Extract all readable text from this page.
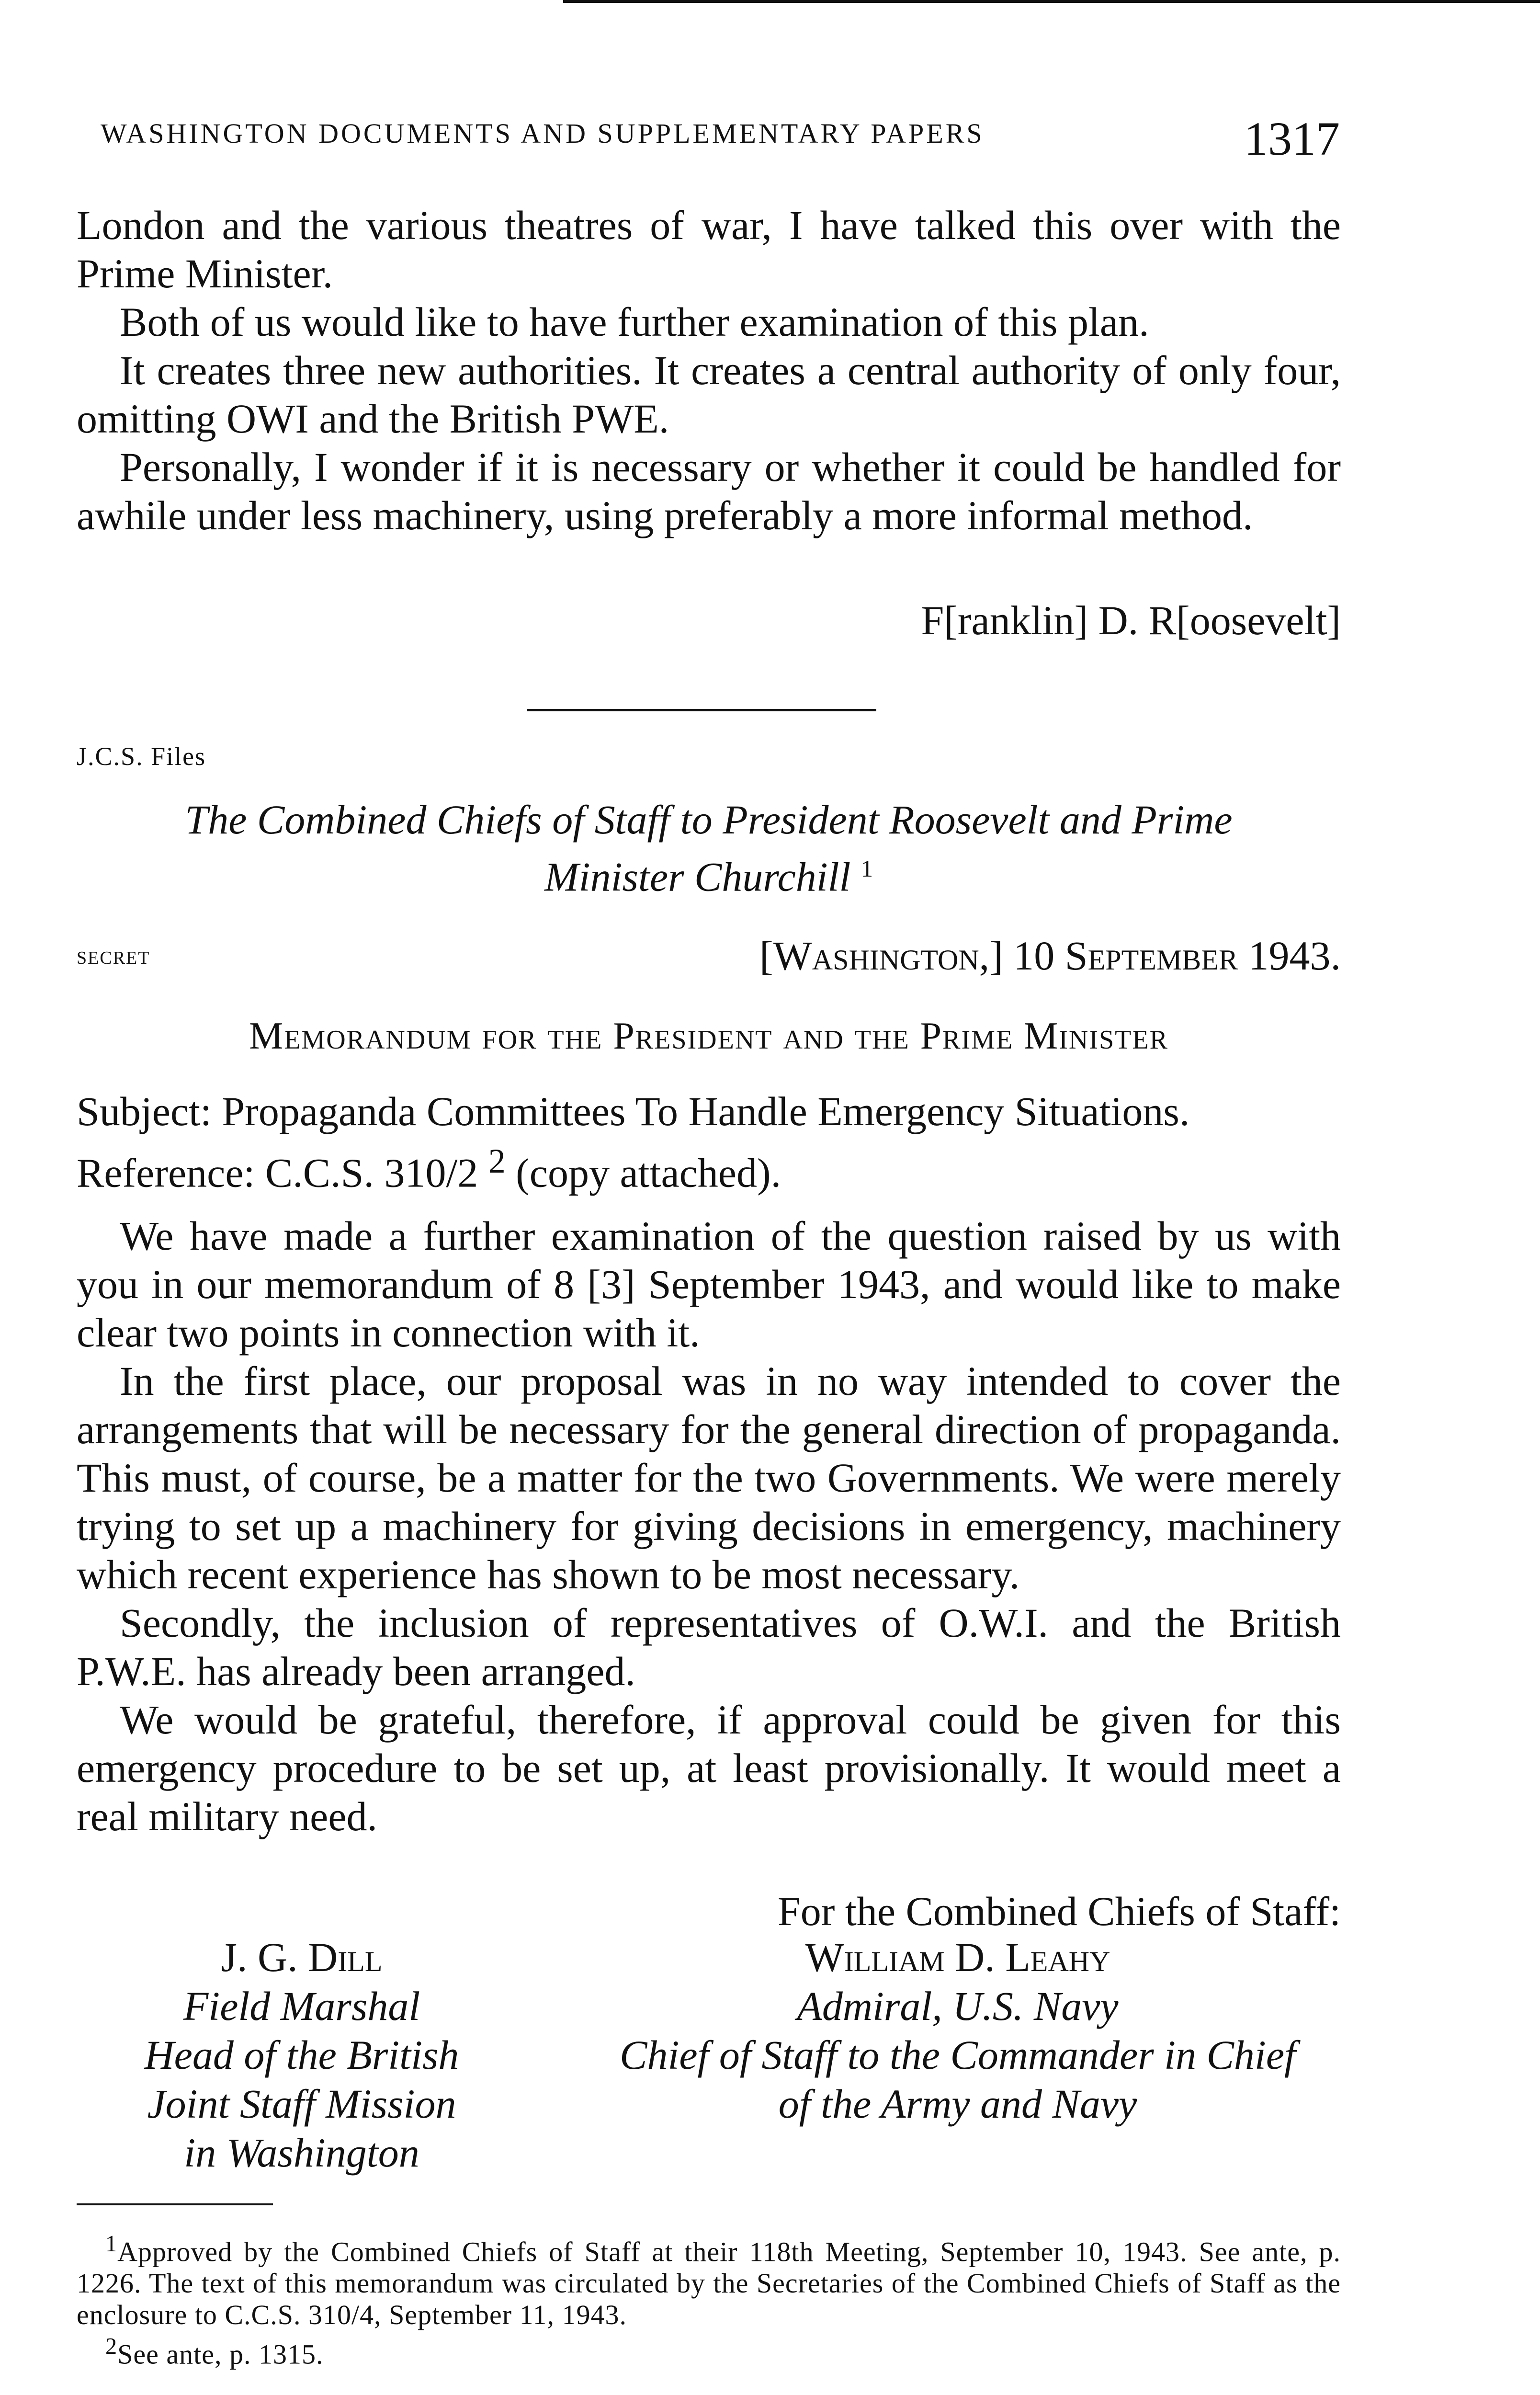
WASHINGTON DOCUMENTS AND SUPPLEMENTARY PAPERS	1317

London and the various theatres of war, I have talked this over with the Prime Minister.

Both of us would like to have further examination of this plan.

It creates three new authorities. It creates a central authority of only four, omitting OWI and the British PWE.

Personally, I wonder if it is necessary or whether it could be handled for awhile under less machinery, using preferably a more informal method.

F[ranklin] D. R[oosevelt]
J.C.S. Files
The Combined Chiefs of Staff to President Roosevelt and Prime
Minister Churchill $^1$
secret	[Washington,] 10 September 1943.
Memorandum for the President and the Prime Minister
Subject: Propaganda Committees To Handle Emergency Situations.
Reference: C.C.S. 310/2 $^2$ (copy attached).

We have made a further examination of the question raised by us with you in our memorandum of 8 [3] September 1943, and would like to make clear two points in connection with it.

In the first place, our proposal was in no way intended to cover the arrangements that will be necessary for the general direction of propaganda. This must, of course, be a matter for the two Governments. We were merely trying to set up a machinery for giving decisions in emergency, machinery which recent experience has shown to be most necessary.

Secondly, the inclusion of representatives of O.W.I. and the British P.W.E. has already been arranged.

We would be grateful, therefore, if approval could be given for this emergency procedure to be set up, at least provisionally. It would meet a real military need.

For the Combined Chiefs of Staff:
J. G. Dill
Field Marshal
Head of the British
Joint Staff Mission
in Washington
William D. Leahy
Admiral, U.S. Navy
Chief of Staff to the Commander in Chief
of the Army and Navy

$^1$Approved by the Combined Chiefs of Staff at their 118th Meeting, September 10, 1943. See ante, p. 1226. The text of this memorandum was circulated by the Secretaries of the Combined Chiefs of Staff as the enclosure to C.C.S. 310/4, September 11, 1943.

$^2$See ante, p. 1315.
